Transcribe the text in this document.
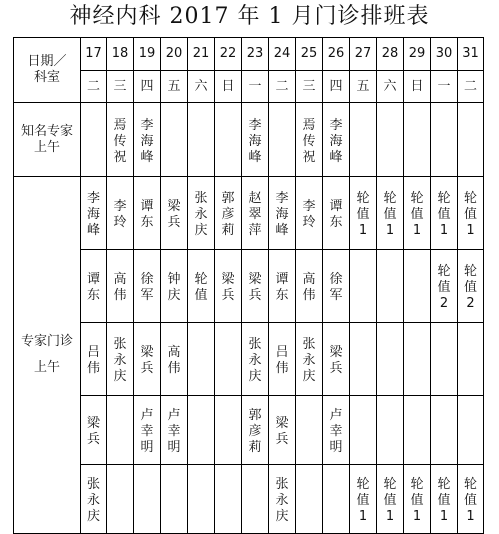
神经内科 2017 年 1 月门诊排班表
日期／
科室	17	18	19	20	21	22	23	24	25	26	27	28	29	30	31
	二	三	四	五	六	日	一	二	三	四	五	六	日	一	二

知名专家
上午		焉传祝	李海峰				李海峰		焉传祝	李海峰					

专家门诊
上午	李海峰	李玲	谭东	梁兵	张永庆	郭彦莉	赵翠萍	李海峰	李玲	谭东	轮值1	轮值1	轮值1	轮值1	轮值1
	谭东	高伟	徐军	钟庆	轮值	梁兵	梁兵	谭东	高伟	徐军				轮值2	轮值2
	吕伟	张永庆	梁兵	高伟			张永庆	吕伟	张永庆	梁兵					
	梁兵		卢幸明	卢幸明			郭彦莉	梁兵		卢幸明					
	张永庆							张永庆			轮值1	轮值1	轮值1	轮值1	轮值1
